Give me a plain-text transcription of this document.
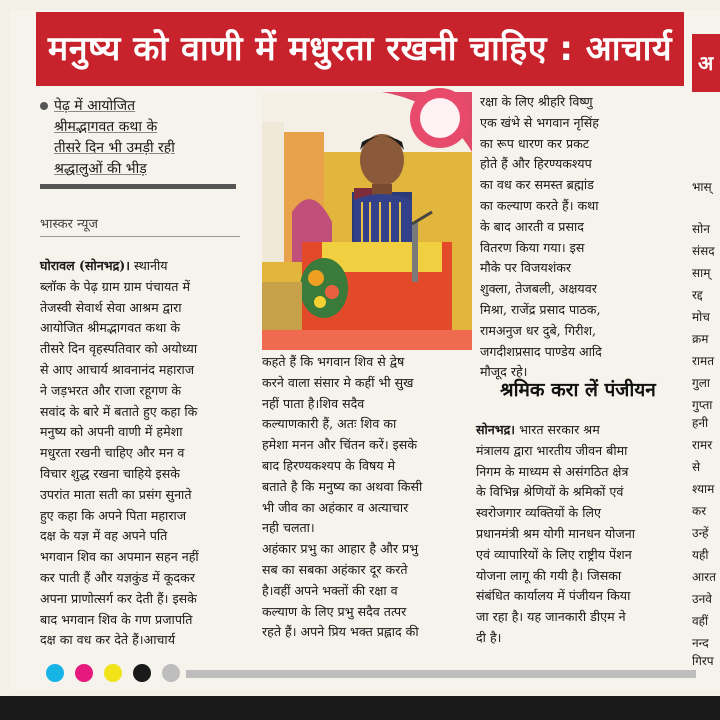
मनुष्य को वाणी में मधुरता रखनी चाहिए : आचार्य	अ
भास्
सोन
संसद
साम्
रद्द
मोच
क्रम
रामत
गुला
गुप्ता
हनी
रामर
से
श्याम
कर
उन्हें
यही
आरत
उनवे
वहीं
नन्द
गिरप
पेढ़ में आयोजित
श्रीमद्भागवत कथा के
तीसरे दिन भी उमड़ी रही
श्रद्धालुओं की भीड़
भास्कर न्यूज
घोरावल (सोनभद्र)। स्थानीय
ब्लॉक के पेढ़ ग्राम ग्राम पंचायत में
तेजस्वी सेवार्थ सेवा आश्रम द्वारा
आयोजित श्रीमद्भागवत कथा के
तीसरे दिन वृहस्पतिवार को अयोध्या
से आए आचार्य श्रावनानंद महाराज
ने जड़भरत और राजा रहूगण के
सवांद के बारे में बताते हुए कहा कि
मनुष्य को अपनी वाणी में हमेशा
मधुरता रखनी चाहिए और मन व
विचार शुद्ध रखना चाहिये इसके
उपरांत माता सती का प्रसंग सुनाते
हुए कहा कि अपने पिता महाराज
दक्ष के यज्ञ में वह अपने पति
भगवान शिव का अपमान सहन नहीं
कर पाती हैं और यज्ञकुंड में कूदकर
अपना प्राणोत्सर्ग कर देती हैं। इसके
बाद भगवान शिव के गण प्रजापति
दक्ष का वध कर देते हैं।आचार्य
कहते हैं कि भगवान शिव से द्वेष
करने वाला संसार मे कहीं भी सुख
नहीं पाता है।शिव सदैव
कल्याणकारी हैं, अतः शिव का
हमेशा मनन और चिंतन करें। इसके
बाद हिरण्यकश्यप के विषय मे
बताते है कि मनुष्य का अथवा किसी
भी जीव का अहंकार व अत्याचार
नही चलता।
अहंकार प्रभु का आहार है और प्रभु
सब का सबका अहंकार दूर करते
है।वहीं अपने भक्तों की रक्षा व
कल्याण के लिए प्रभु सदैव तत्पर
रहते हैं। अपने प्रिय भक्त प्रह्लाद की
रक्षा के लिए श्रीहरि विष्णु
एक खंभे से भगवान नृसिंह
का रूप धारण कर प्रकट
होते हैं और हिरण्यकश्यप
का वध कर समस्त ब्रह्मांड
का कल्याण करते हैं। कथा
के बाद आरती व प्रसाद
वितरण किया गया। इस
मौके पर विजयशंकर
शुक्ला, तेजबली, अक्षयवर
मिश्रा, राजेंद्र प्रसाद पाठक,
रामअनुज धर दुबे, गिरीश,
जगदीशप्रसाद पाण्डेय आदि
मौजूद रहे।
श्रमिक करा लें पंजीयन
सोनभद्र। भारत सरकार श्रम
मंत्रालय द्वारा भारतीय जीवन बीमा
निगम के माध्यम से असंगठित क्षेत्र
के विभिन्न श्रेणियों के श्रमिकों एवं
स्वरोजगार व्यक्तियों के लिए
प्रधानमंत्री श्रम योगी मानधन योजना
एवं व्यापारियों के लिए राष्ट्रीय पेंशन
योजना लागू की गयी है। जिसका
संबंधित कार्यालय में पंजीयन किया
जा रहा है। यह जानकारी डीएम ने
दी है।
